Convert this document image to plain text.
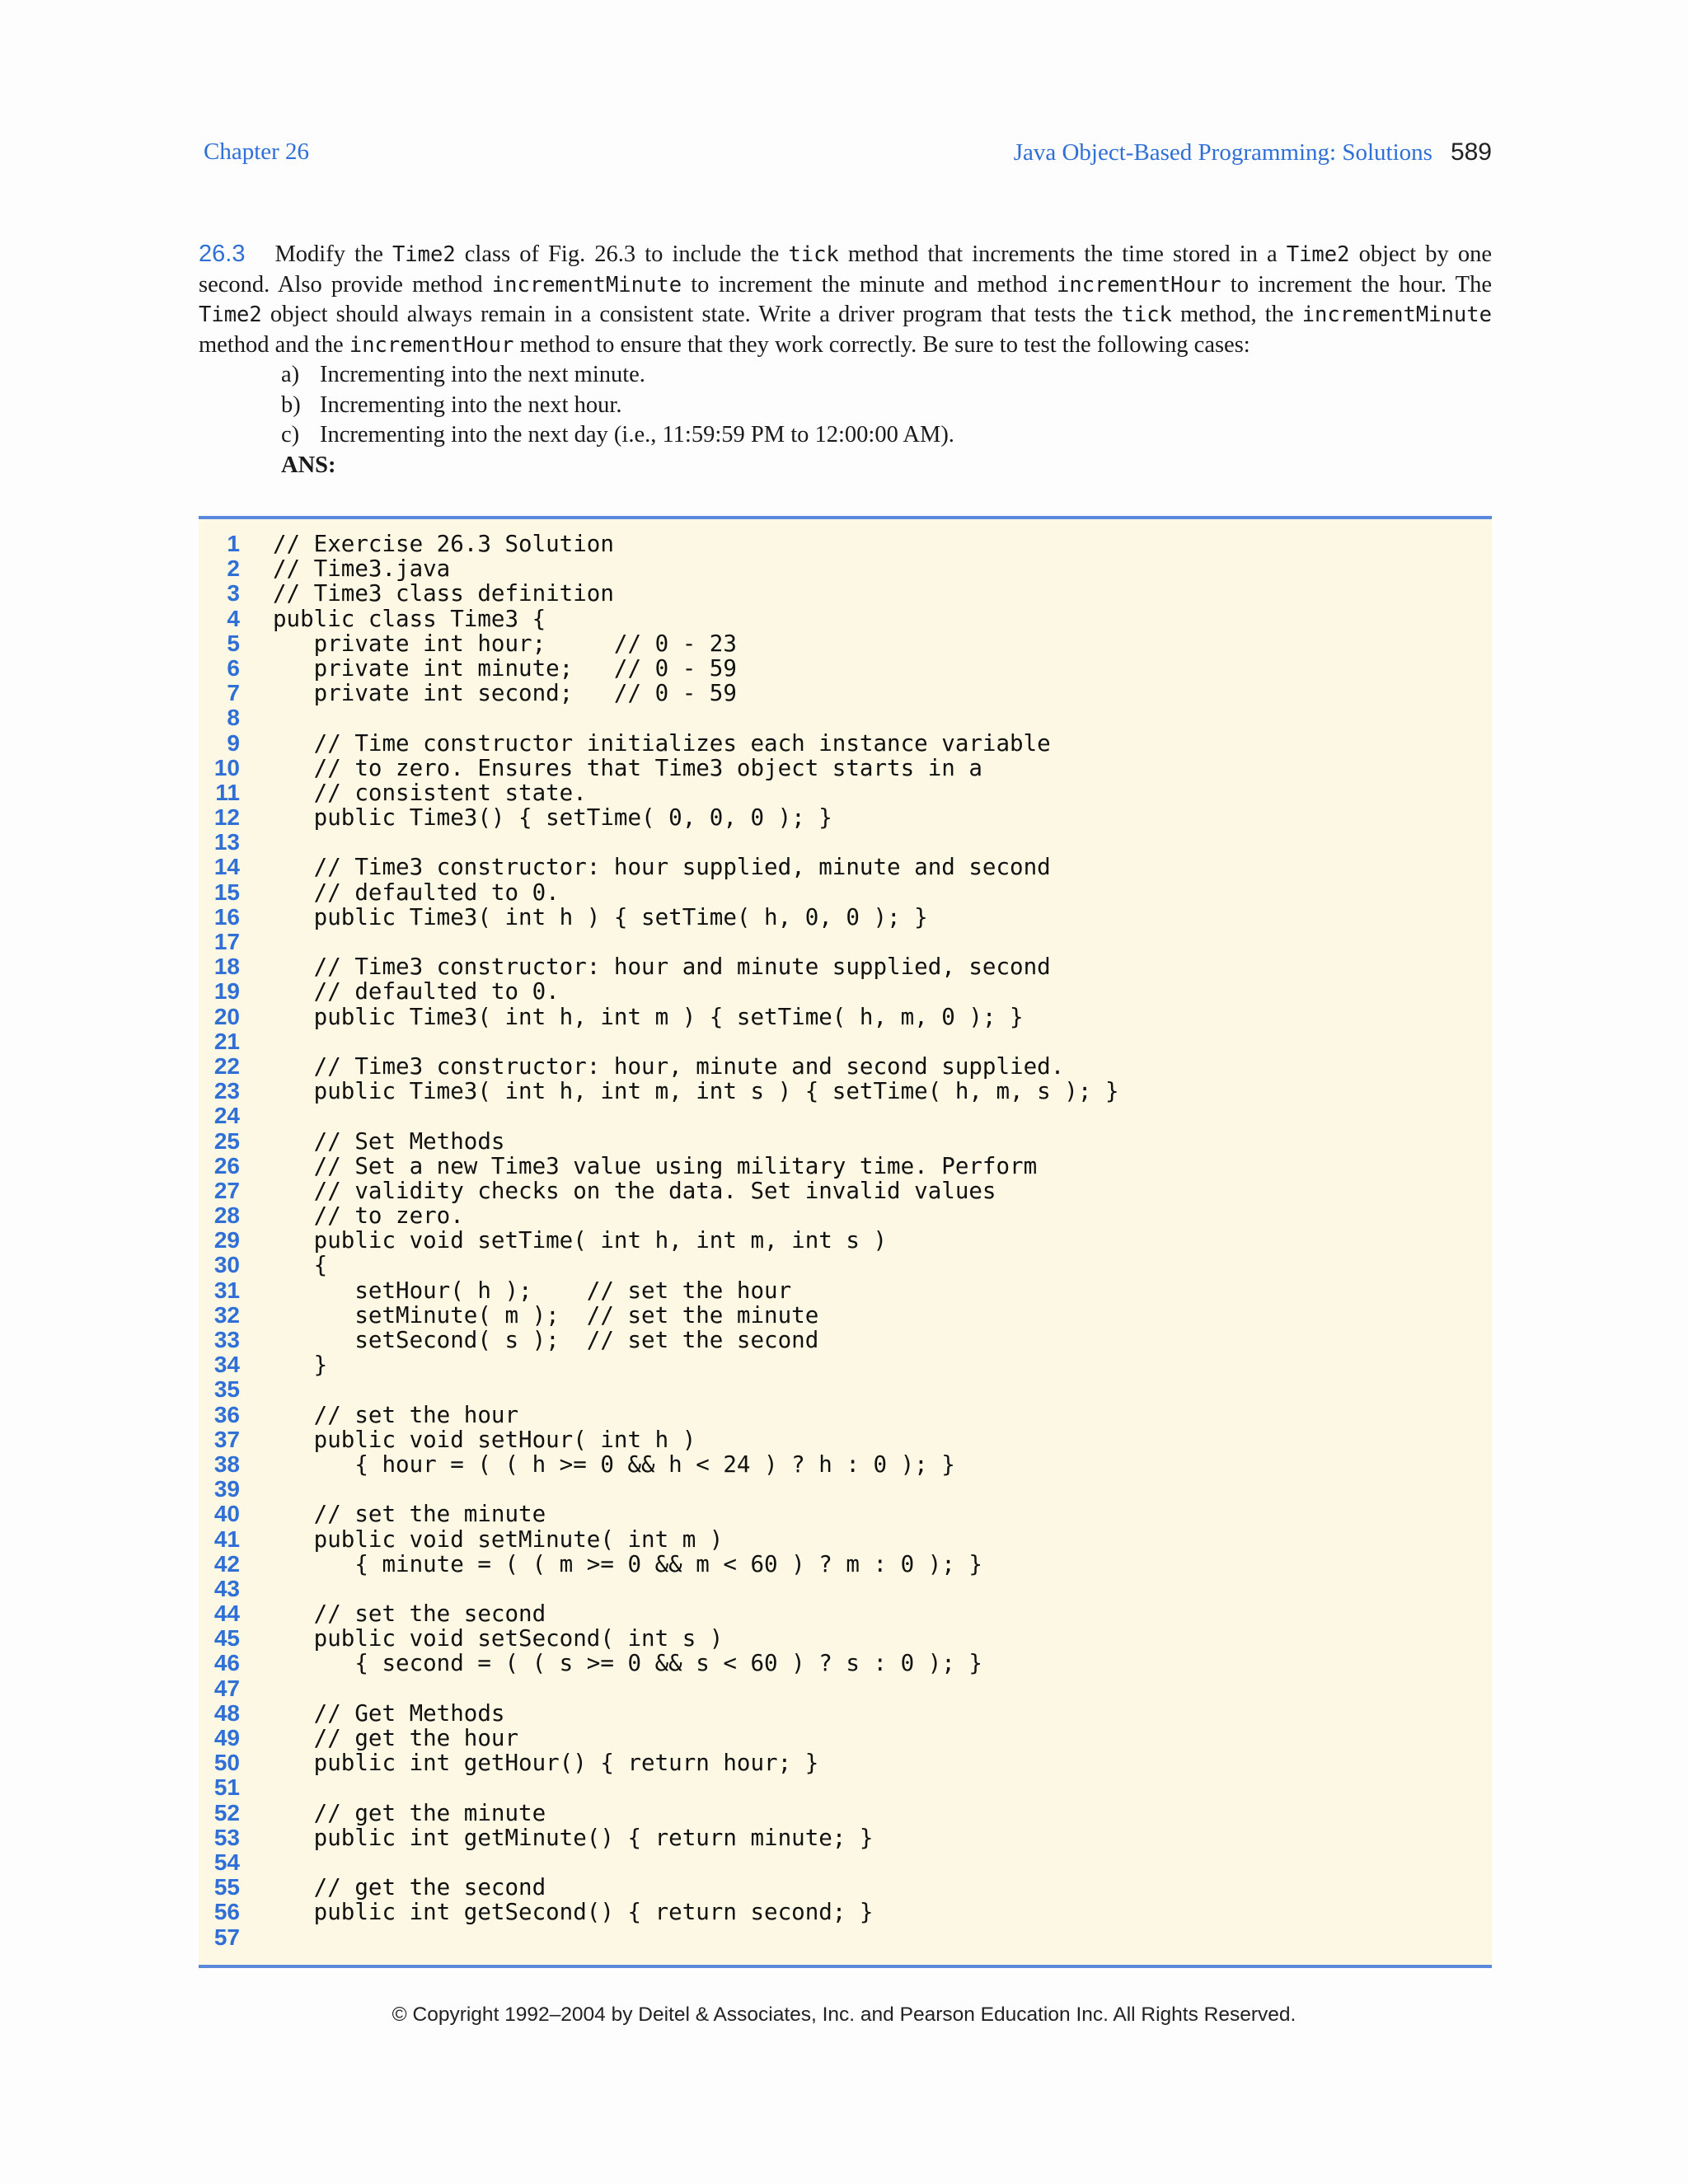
Chapter 26	Java Object-Based Programming: Solutions 589
26.3 Modify the Time2 class of Fig. 26.3 to include the tick method that increments the time stored in a Time2 object by one second. Also provide method incrementMinute to increment the minute and method incrementHour to increment the hour. The Time2 object should always remain in a consistent state. Write a driver program that tests the tick method, the incrementMinute method and the incrementHour method to ensure that they work correctly. Be sure to test the following cases:
a) Incrementing into the next minute.
b) Incrementing into the next hour.
c) Incrementing into the next day (i.e., 11:59:59 PM to 12:00:00 AM).
ANS:
1 // Exercise 26.3 Solution
2 // Time3.java
3 // Time3 class definition
4 public class Time3 {
5 private int hour;     // 0 - 23
6 private int minute;   // 0 - 59
7 private int second;   // 0 - 59
8
9 // Time constructor initializes each instance variable
10 // to zero. Ensures that Time3 object starts in a
11 // consistent state.
12 public Time3() { setTime( 0, 0, 0 ); }
13
14 // Time3 constructor: hour supplied, minute and second
15 // defaulted to 0.
16 public Time3( int h ) { setTime( h, 0, 0 ); }
17
18 // Time3 constructor: hour and minute supplied, second
19 // defaulted to 0.
20 public Time3( int h, int m ) { setTime( h, m, 0 ); }
21
22 // Time3 constructor: hour, minute and second supplied.
23 public Time3( int h, int m, int s ) { setTime( h, m, s ); }
24
25 // Set Methods
26 // Set a new Time3 value using military time. Perform
27 // validity checks on the data. Set invalid values
28 // to zero.
29 public void setTime( int h, int m, int s )
30 {
31 setHour( h );    // set the hour
32 setMinute( m );  // set the minute
33 setSecond( s );  // set the second
34 }
35
36 // set the hour
37 public void setHour( int h )
38 { hour = ( ( h >= 0 && h < 24 ) ? h : 0 ); }
39
40 // set the minute
41 public void setMinute( int m )
42 { minute = ( ( m >= 0 && m < 60 ) ? m : 0 ); }
43
44 // set the second
45 public void setSecond( int s )
46 { second = ( ( s >= 0 && s < 60 ) ? s : 0 ); }
47
48 // Get Methods
49 // get the hour
50 public int getHour() { return hour; }
51
52 // get the minute
53 public int getMinute() { return minute; }
54
55 // get the second
56 public int getSecond() { return second; }
57
© Copyright 1992–2004 by Deitel & Associates, Inc. and Pearson Education Inc. All Rights Reserved.
